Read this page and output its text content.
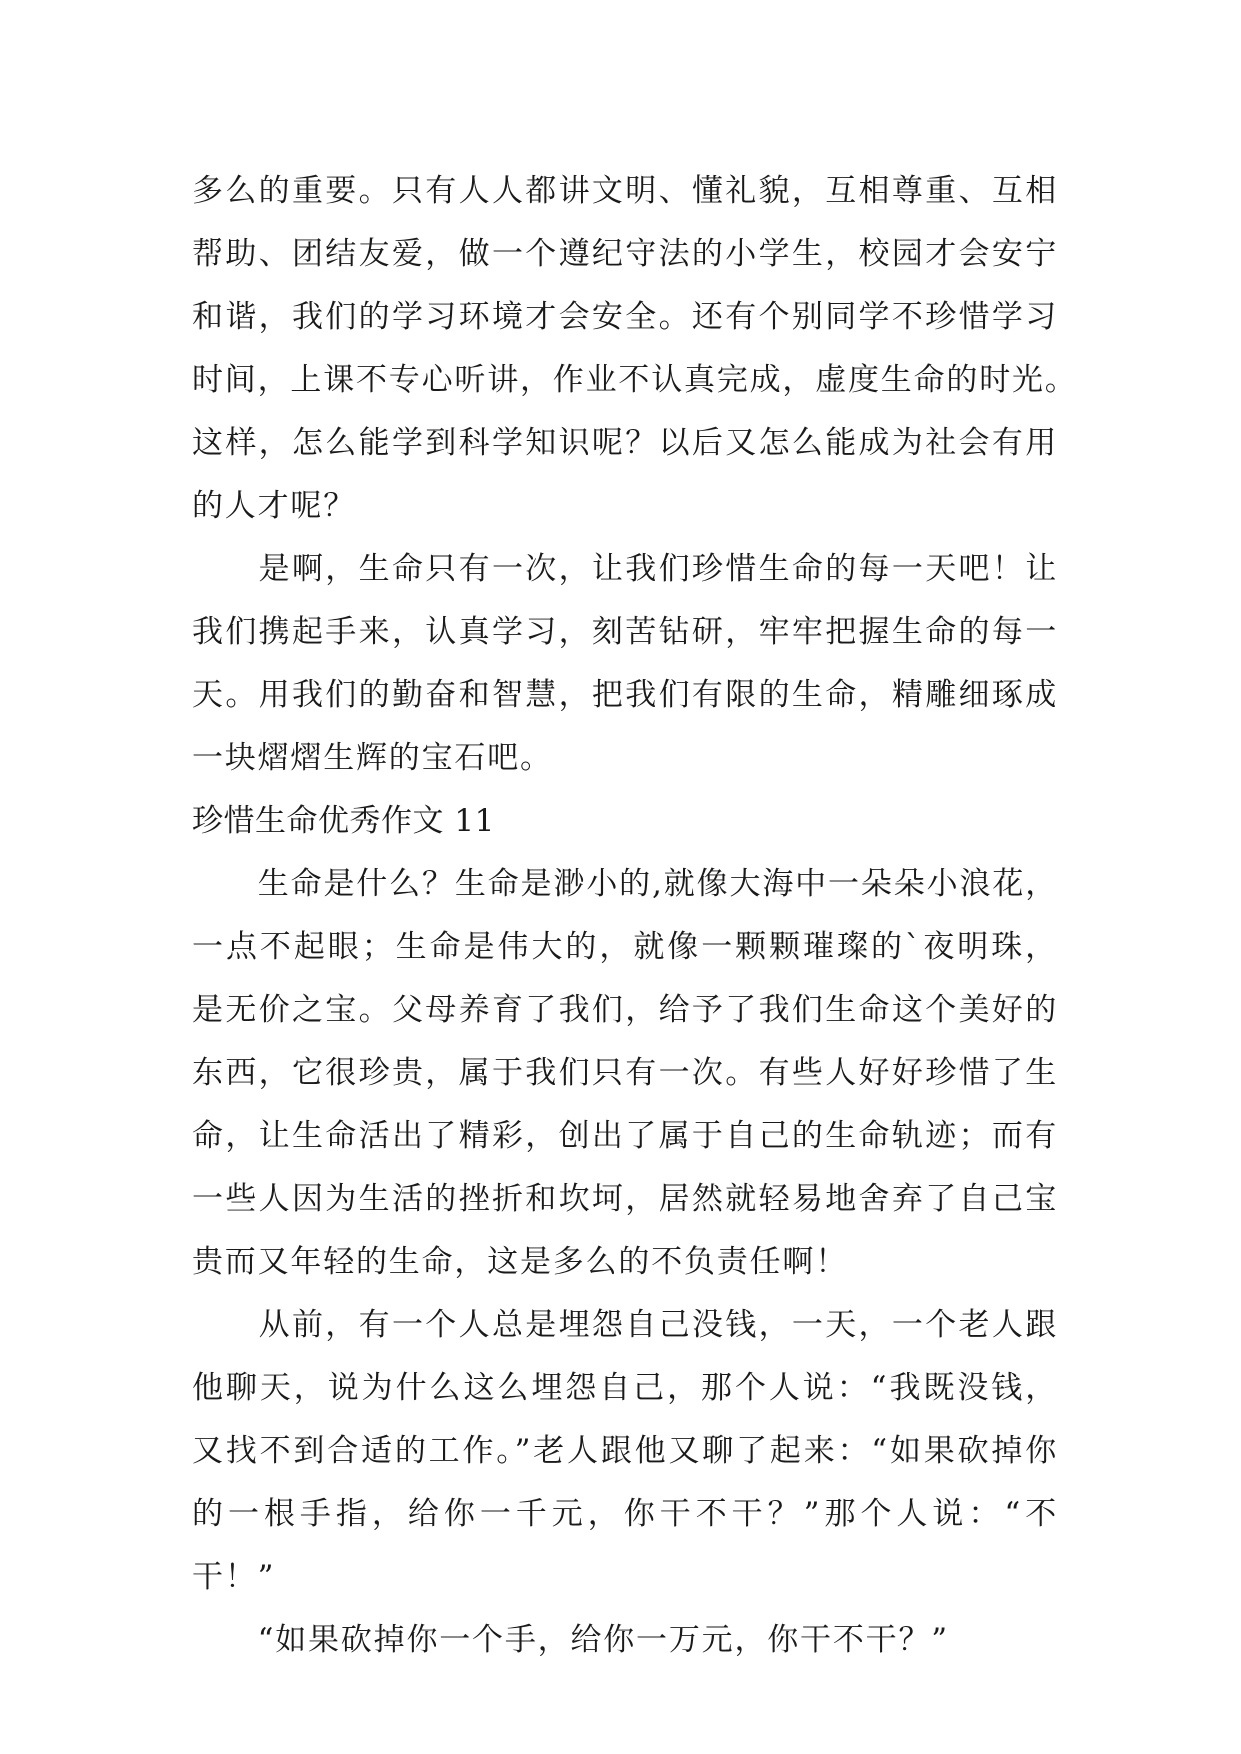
多么的重要。只有人人都讲文明、懂礼貌，互相尊重、互相
帮助、团结友爱，做一个遵纪守法的小学生，校园才会安宁
和谐，我们的学习环境才会安全。还有个别同学不珍惜学习
时间，上课不专心听讲，作业不认真完成，虚度生命的时光。
这样，怎么能学到科学知识呢？以后又怎么能成为社会有用
的人才呢？
　　是啊，生命只有一次，让我们珍惜生命的每一天吧！让
我们携起手来，认真学习，刻苦钻研，牢牢把握生命的每一
天。用我们的勤奋和智慧，把我们有限的生命，精雕细琢成
一块熠熠生辉的宝石吧。
珍惜生命优秀作文 11
　　生命是什么？生命是渺小的,就像大海中一朵朵小浪花，
一点不起眼；生命是伟大的，就像一颗颗璀璨的`夜明珠，
是无价之宝。父母养育了我们，给予了我们生命这个美好的
东西，它很珍贵，属于我们只有一次。有些人好好珍惜了生
命，让生命活出了精彩，创出了属于自己的生命轨迹；而有
一些人因为生活的挫折和坎坷，居然就轻易地舍弃了自己宝
贵而又年轻的生命，这是多么的不负责任啊！
　　从前，有一个人总是埋怨自己没钱，一天，一个老人跟
他聊天，说为什么这么埋怨自己，那个人说：“我既没钱，
又找不到合适的工作。”老人跟他又聊了起来：“如果砍掉你
的一根手指，给你一千元，你干不干？”那个人说：“不
干！”
　　“如果砍掉你一个手，给你一万元，你干不干？”
